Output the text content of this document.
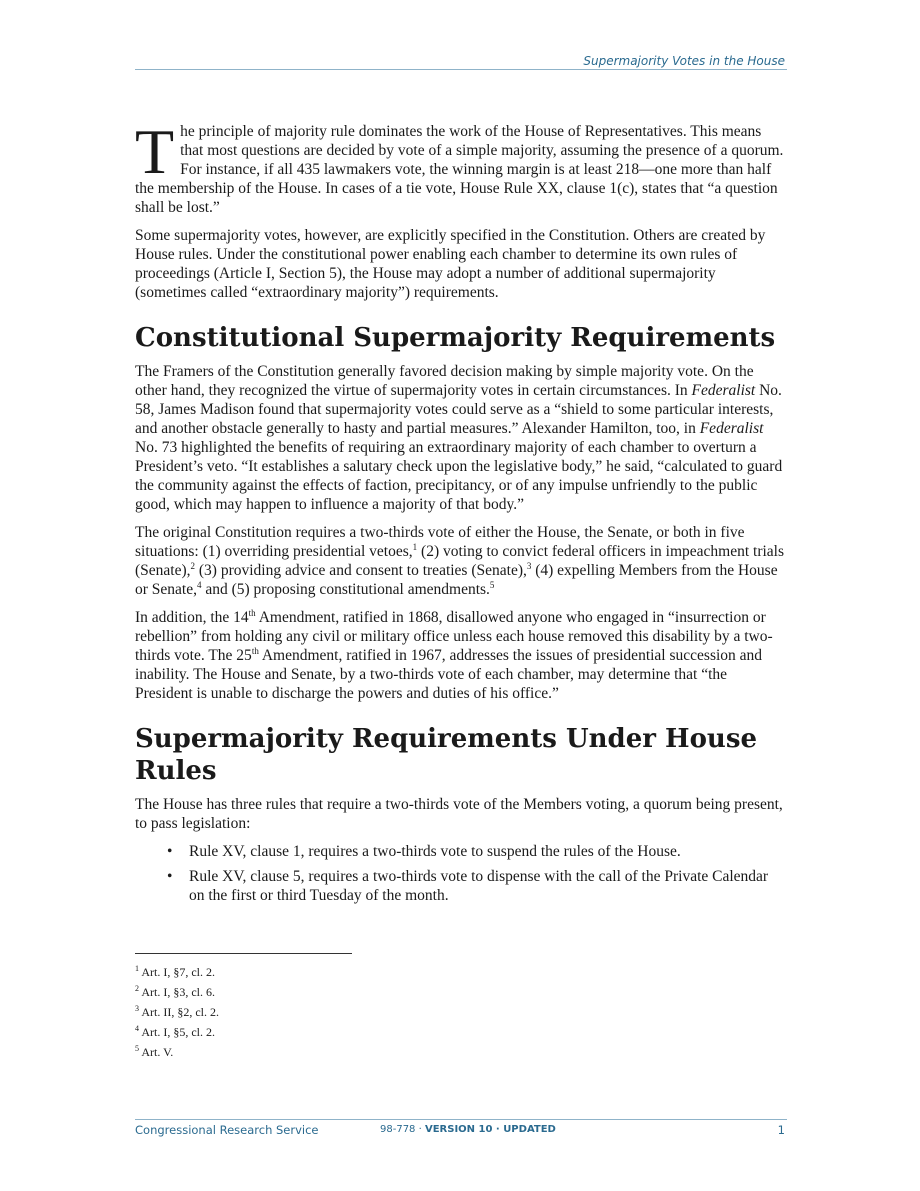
Supermajority Votes in the House

The principle of majority rule dominates the work of the House of Representatives. This means that most questions are decided by vote of a simple majority, assuming the presence of a quorum. For instance, if all 435 lawmakers vote, the winning margin is at least 218—one more than half the membership of the House. In cases of a tie vote, House Rule XX, clause 1(c), states that “a question shall be lost.”

Some supermajority votes, however, are explicitly specified in the Constitution. Others are created by House rules. Under the constitutional power enabling each chamber to determine its own rules of proceedings (Article I, Section 5), the House may adopt a number of additional supermajority (sometimes called “extraordinary majority”) requirements.

Constitutional Supermajority Requirements

The Framers of the Constitution generally favored decision making by simple majority vote. On the other hand, they recognized the virtue of supermajority votes in certain circumstances. In Federalist No. 58, James Madison found that supermajority votes could serve as a “shield to some particular interests, and another obstacle generally to hasty and partial measures.” Alexander Hamilton, too, in Federalist No. 73 highlighted the benefits of requiring an extraordinary majority of each chamber to overturn a President’s veto. “It establishes a salutary check upon the legislative body,” he said, “calculated to guard the community against the effects of faction, precipitancy, or of any impulse unfriendly to the public good, which may happen to influence a majority of that body.”

The original Constitution requires a two-thirds vote of either the House, the Senate, or both in five situations: (1) overriding presidential vetoes,$^1$ (2) voting to convict federal officers in impeachment trials (Senate),$^2$ (3) providing advice and consent to treaties (Senate),$^3$ (4) expelling Members from the House or Senate,$^4$ and (5) proposing constitutional amendments.$^5$

In addition, the 14th Amendment, ratified in 1868, disallowed anyone who engaged in “insurrection or rebellion” from holding any civil or military office unless each house removed this disability by a two-thirds vote. The 25th Amendment, ratified in 1967, addresses the issues of presidential succession and inability. The House and Senate, by a two-thirds vote of each chamber, may determine that “the President is unable to discharge the powers and duties of his office.”

Supermajority Requirements Under House Rules

The House has three rules that require a two-thirds vote of the Members voting, a quorum being present, to pass legislation:

• Rule XV, clause 1, requires a two-thirds vote to suspend the rules of the House.
• Rule XV, clause 5, requires a two-thirds vote to dispense with the call of the Private Calendar on the first or third Tuesday of the month.
$^1$ Art. I, §7, cl. 2.
$^2$ Art. I, §3, cl. 6.
$^3$ Art. II, §2, cl. 2.
$^4$ Art. I, §5, cl. 2.
$^5$ Art. V.
Congressional Research Service	98-778 · VERSION 10 · UPDATED	1
